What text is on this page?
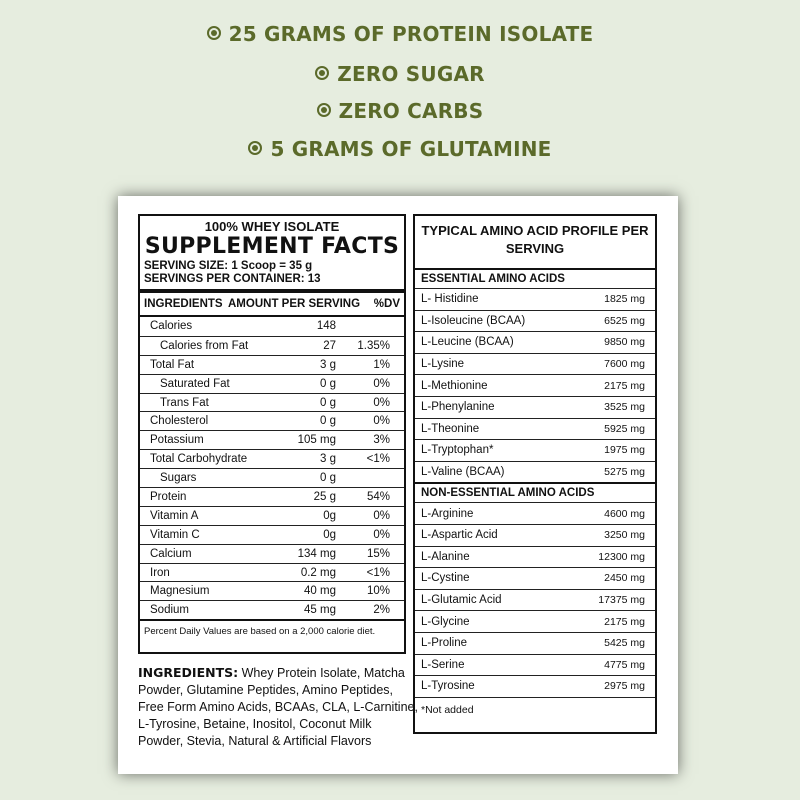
25 GRAMS OF PROTEIN ISOLATE
ZERO SUGAR
ZERO CARBS
5 GRAMS OF GLUTAMINE
100% WHEY ISOLATE
SUPPLEMENT FACTS
SERVING SIZE: 1 Scoop = 35 g
SERVINGS PER CONTAINER: 13
INGREDIENTS AMOUNT PER SERVING	%DV
Calories	148
Calories from Fat	27	1.35%
Total Fat	3 g	1%
Saturated Fat	0 g	0%
Trans Fat	0 g	0%
Cholesterol	0 g	0%
Potassium	105 mg	3%
Total Carbohydrate	3 g	<1%
Sugars	0 g
Protein	25 g	54%
Vitamin A	0g	0%
Vitamin C	0g	0%
Calcium	134 mg	15%
Iron	0.2 mg	<1%
Magnesium	40 mg	10%
Sodium	45 mg	2%
Percent Daily Values are based on a 2,000 calorie diet.
INGREDIENTS: Whey Protein Isolate, Matcha Powder, Glutamine Peptides, Amino Peptides, Free Form Amino Acids, BCAAs, CLA, L-Carnitine, L-Tyrosine, Betaine, Inositol, Coconut Milk Powder, Stevia, Natural & Artificial Flavors
TYPICAL AMINO ACID PROFILE PER SERVING
ESSENTIAL AMINO ACIDS
L- Histidine	1825 mg
L-Isoleucine (BCAA)	6525 mg
L-Leucine (BCAA)	9850 mg
L-Lysine	7600 mg
L-Methionine	2175 mg
L-Phenylanine	3525 mg
L-Theonine	5925 mg
L-Tryptophan*	1975 mg
L-Valine (BCAA)	5275 mg
NON-ESSENTIAL AMINO ACIDS
L-Arginine	4600 mg
L-Aspartic Acid	3250 mg
L-Alanine	12300 mg
L-Cystine	2450 mg
L-Glutamic Acid	17375 mg
L-Glycine	2175 mg
L-Proline	5425 mg
L-Serine	4775 mg
L-Tyrosine	2975 mg
*Not added
